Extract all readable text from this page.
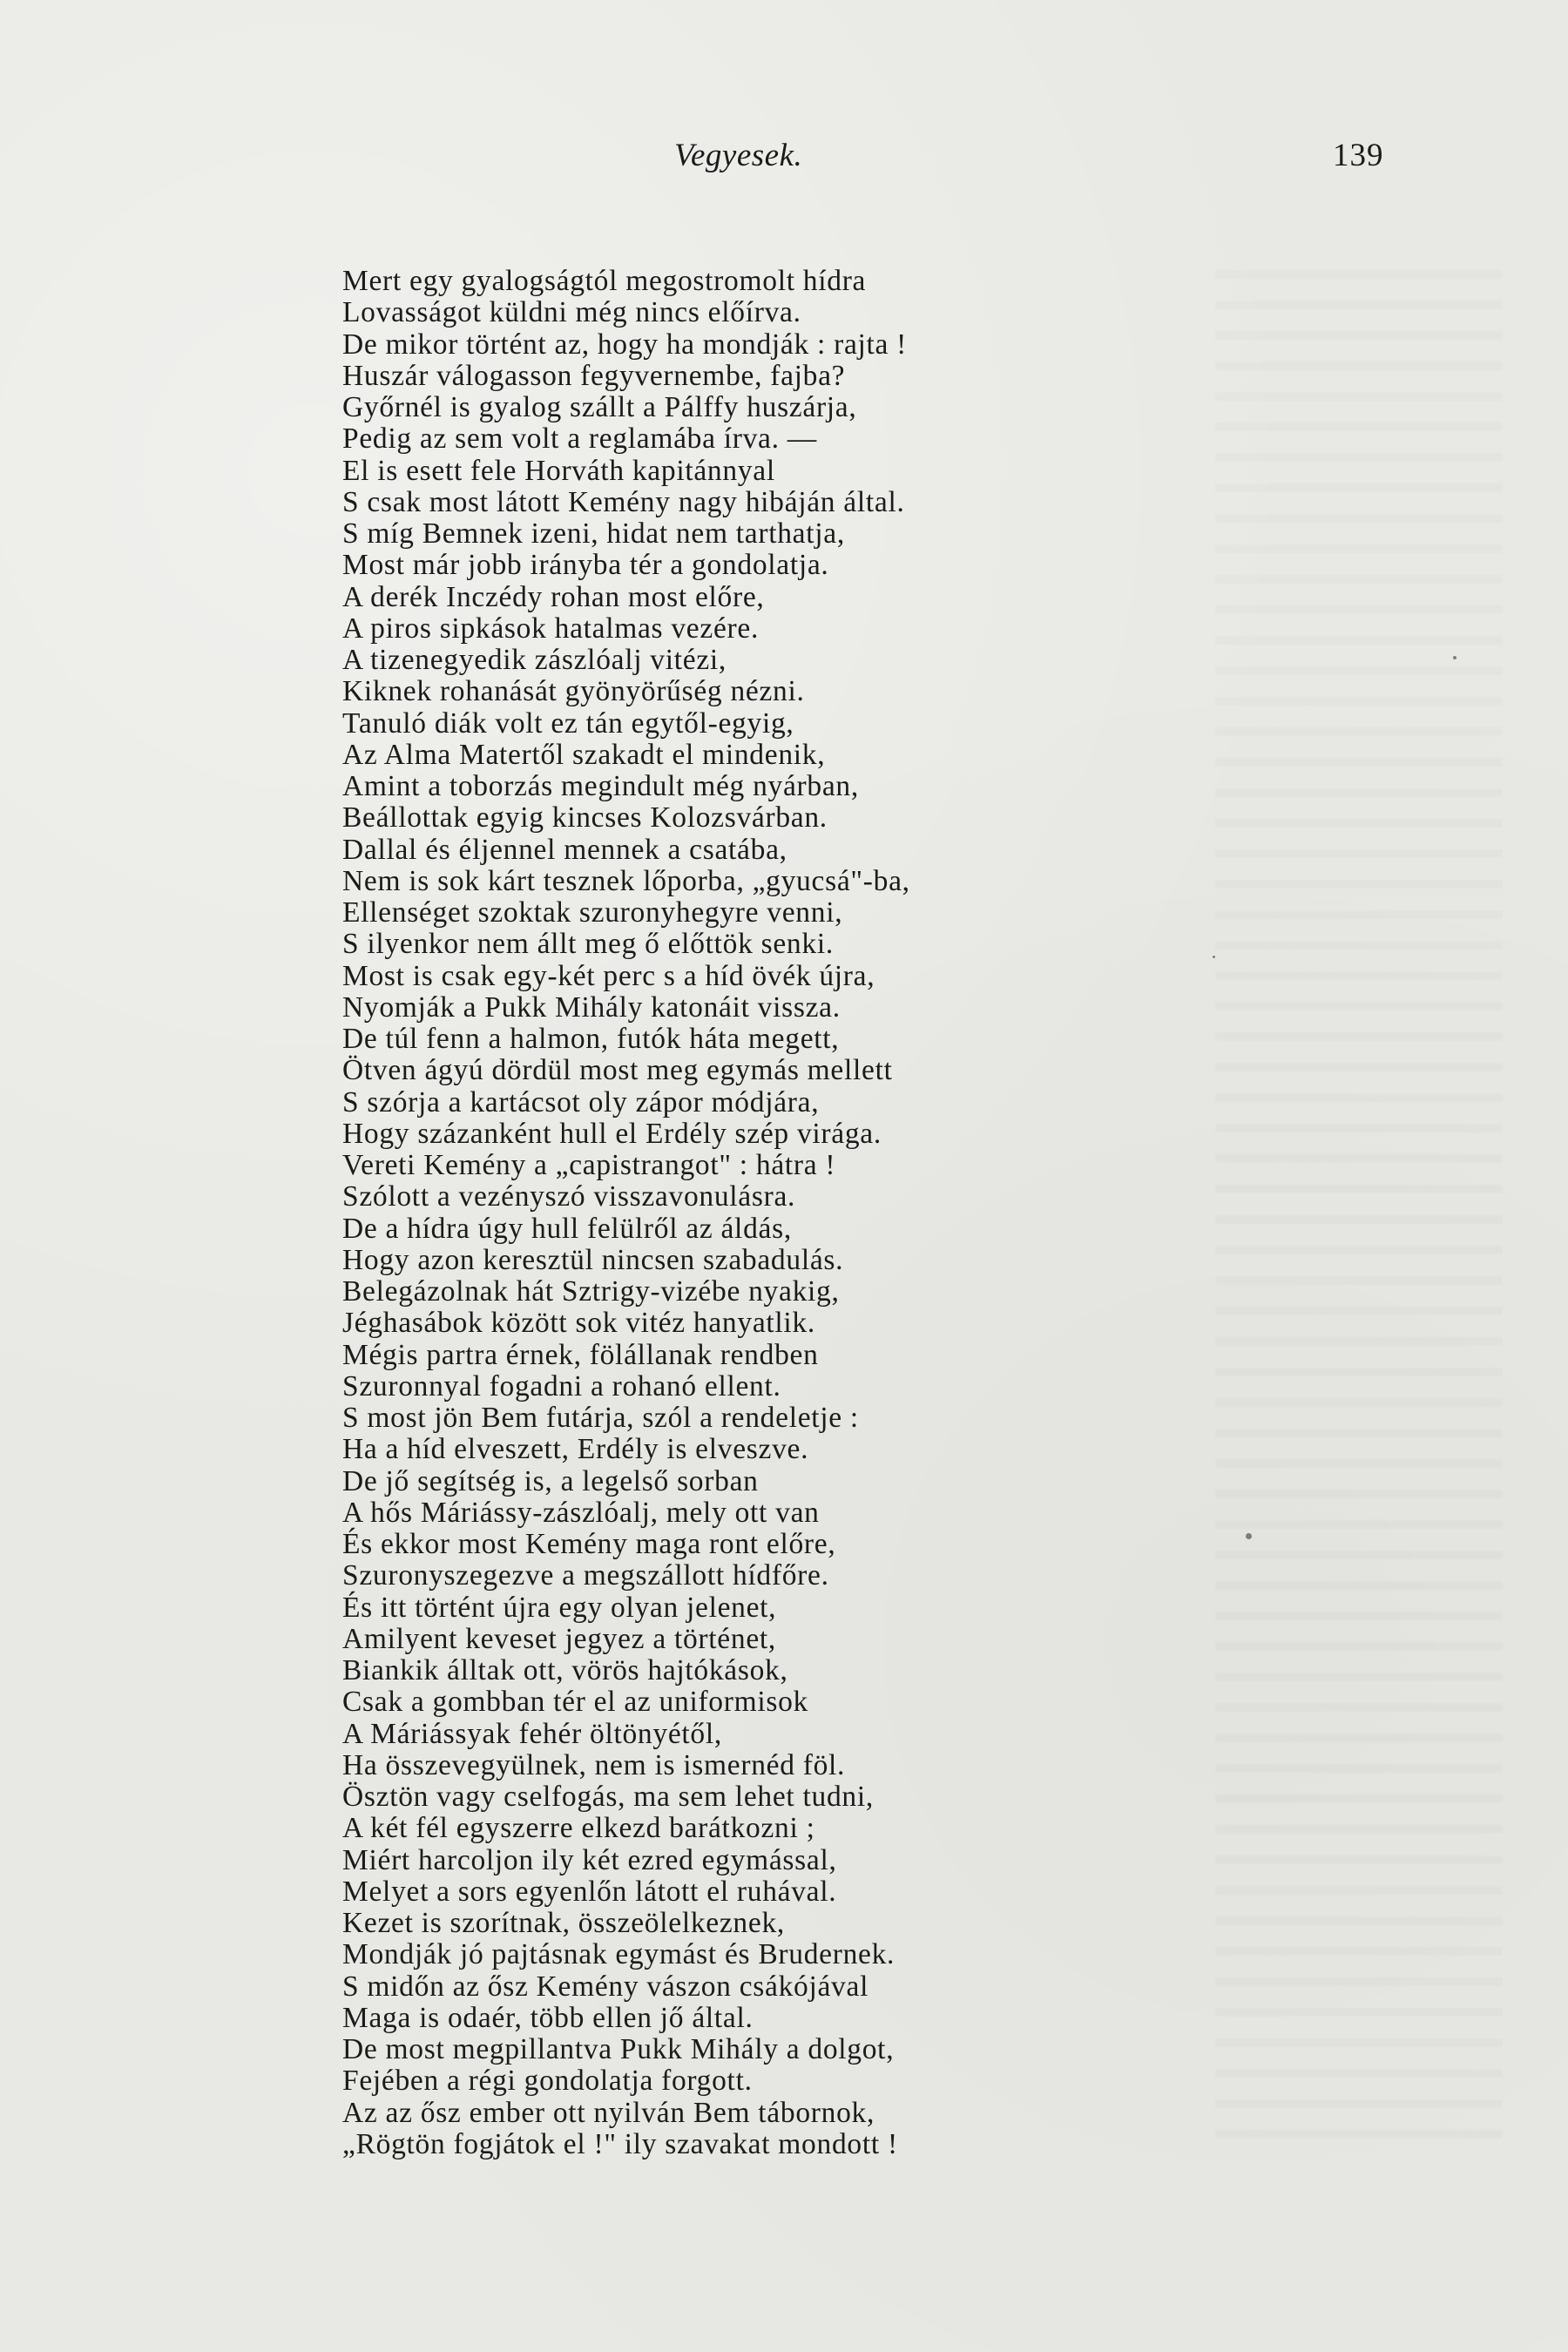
Vegyesek.	139
Mert egy gyalogságtól megostromolt hídra
Lovasságot küldni még nincs előírva.
De mikor történt az, hogy ha mondják : rajta !
Huszár válogasson fegyvernembe, fajba?
Győrnél is gyalog szállt a Pálffy huszárja,
Pedig az sem volt a reglamába írva. —
El is esett fele Horváth kapitánnyal
S csak most látott Kemény nagy hibáján által.
S míg Bemnek izeni, hidat nem tarthatja,
Most már jobb irányba tér a gondolatja.
A derék Inczédy rohan most előre,
A piros sipkások hatalmas vezére.
A tizenegyedik zászlóalj vitézi,
Kiknek rohanását gyönyörűség nézni.
Tanuló diák volt ez tán egytől-egyig,
Az Alma Matertől szakadt el mindenik,
Amint a toborzás megindult még nyárban,
Beállottak egyig kincses Kolozsvárban.
Dallal és éljennel mennek a csatába,
Nem is sok kárt tesznek lőporba, „gyucsá"-ba,
Ellenséget szoktak szuronyhegyre venni,
S ilyenkor nem állt meg ő előttök senki.
Most is csak egy-két perc s a híd övék újra,
Nyomják a Pukk Mihály katonáit vissza.
De túl fenn a halmon, futók háta megett,
Ötven ágyú dördül most meg egymás mellett
S szórja a kartácsot oly zápor módjára,
Hogy százanként hull el Erdély szép virága.
Vereti Kemény a „capistrangot" : hátra !
Szólott a vezényszó visszavonulásra.
De a hídra úgy hull felülről az áldás,
Hogy azon keresztül nincsen szabadulás.
Belegázolnak hát Sztrigy-vizébe nyakig,
Jéghasábok között sok vitéz hanyatlik.
Mégis partra érnek, fölállanak rendben
Szuronnyal fogadni a rohanó ellent.
S most jön Bem futárja, szól a rendeletje :
Ha a híd elveszett, Erdély is elveszve.
De jő segítség is, a legelső sorban
A hős Máriássy-zászlóalj, mely ott van
És ekkor most Kemény maga ront előre,
Szuronyszegezve a megszállott hídfőre.
És itt történt újra egy olyan jelenet,
Amilyent keveset jegyez a történet,
Biankik álltak ott, vörös hajtókások,
Csak a gombban tér el az uniformisok
A Máriássyak fehér öltönyétől,
Ha összevegyülnek, nem is ismernéd föl.
Ösztön vagy cselfogás, ma sem lehet tudni,
A két fél egyszerre elkezd barátkozni ;
Miért harcoljon ily két ezred egymással,
Melyet a sors egyenlőn látott el ruhával.
Kezet is szorítnak, összeölelkeznek,
Mondják jó pajtásnak egymást és Brudernek.
S midőn az ősz Kemény vászon csákójával
Maga is odaér, több ellen jő által.
De most megpillantva Pukk Mihály a dolgot,
Fejében a régi gondolatja forgott.
Az az ősz ember ott nyilván Bem tábornok,
„Rögtön fogjátok el !" ily szavakat mondott !
